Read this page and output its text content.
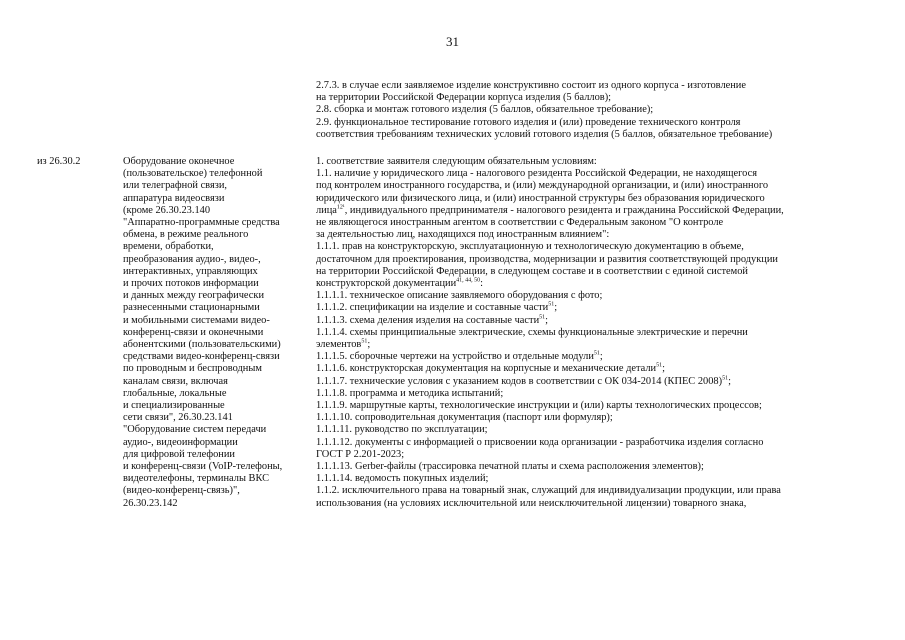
31
2.7.3. в случае если заявляемое изделие конструктивно состоит из одного корпуса - изготовление
на территории Российской Федерации корпуса изделия (5 баллов);
2.8. сборка и монтаж готового изделия (5 баллов, обязательное требование);
2.9. функциональное тестирование готового изделия и (или) проведение технического контроля
соответствия требованиям технических условий готового изделия (5 баллов, обязательное требование)
из 26.30.2	Оборудование оконечное
(пользовательское) телефонной
или телеграфной связи,
аппаратура видеосвязи
(кроме 26.30.23.140
"Аппаратно-программные средства
обмена, в режиме реального
времени, обработки,
преобразования аудио-, видео-,
интерактивных, управляющих
и прочих потоков информации
и данных между географически
разнесенными стационарными
и мобильными системами видео-
конференц-связи и оконечными
абонентскими (пользовательскими)
средствами видео-конференц-связи
по проводным и беспроводным
каналам связи, включая
глобальные, локальные
и специализированные
сети связи", 26.30.23.141
"Оборудование систем передачи
аудио-, видеоинформации
для цифровой телефонии
и конференц-связи (VoIP-телефоны,
видеотелефоны, терминалы ВКС
(видео-конференц-связь)",
26.30.23.142
1. соответствие заявителя следующим обязательным условиям:
1.1. наличие у юридического лица - налогового резидента Российской Федерации, не находящегося
под контролем иностранного государства, и (или) международной организации, и (или) иностранного
юридического или физического лица, и (или) иностранной структуры без образования юридического
лица$^{12^1}$, индивидуального предпринимателя - налогового резидента и гражданина Российской Федерации,
не являющегося иностранным агентом в соответствии с Федеральным законом "О контроле
за деятельностью лиц, находящихся под иностранным влиянием":
1.1.1. прав на конструкторскую, эксплуатационную и технологическую документацию в объеме,
достаточном для проектирования, производства, модернизации и развития соответствующей продукции
на территории Российской Федерации, в следующем составе и в соответствии с единой системой
конструкторской документации$^{41, 44, 50}$:
1.1.1.1. техническое описание заявляемого оборудования с фото;
1.1.1.2. спецификации на изделие и составные части$^{51}$;
1.1.1.3. схема деления изделия на составные части$^{51}$;
1.1.1.4. схемы принципиальные электрические, схемы функциональные электрические и перечни
элементов$^{51}$;
1.1.1.5. сборочные чертежи на устройство и отдельные модули$^{51}$;
1.1.1.6. конструкторская документация на корпусные и механические детали$^{51}$;
1.1.1.7. технические условия с указанием кодов в соответствии с ОК 034-2014 (КПЕС 2008)$^{51}$;
1.1.1.8. программа и методика испытаний;
1.1.1.9. маршрутные карты, технологические инструкции и (или) карты технологических процессов;
1.1.1.10. сопроводительная документация (паспорт или формуляр);
1.1.1.11. руководство по эксплуатации;
1.1.1.12. документы с информацией о присвоении кода организации - разработчика изделия согласно
ГОСТ Р 2.201-2023;
1.1.1.13. Gerber-файлы (трассировка печатной платы и схема расположения элементов);
1.1.1.14. ведомость покупных изделий;
1.1.2. исключительного права на товарный знак, служащий для индивидуализации продукции, или права
использования (на условиях исключительной или неисключительной лицензии) товарного знака,
